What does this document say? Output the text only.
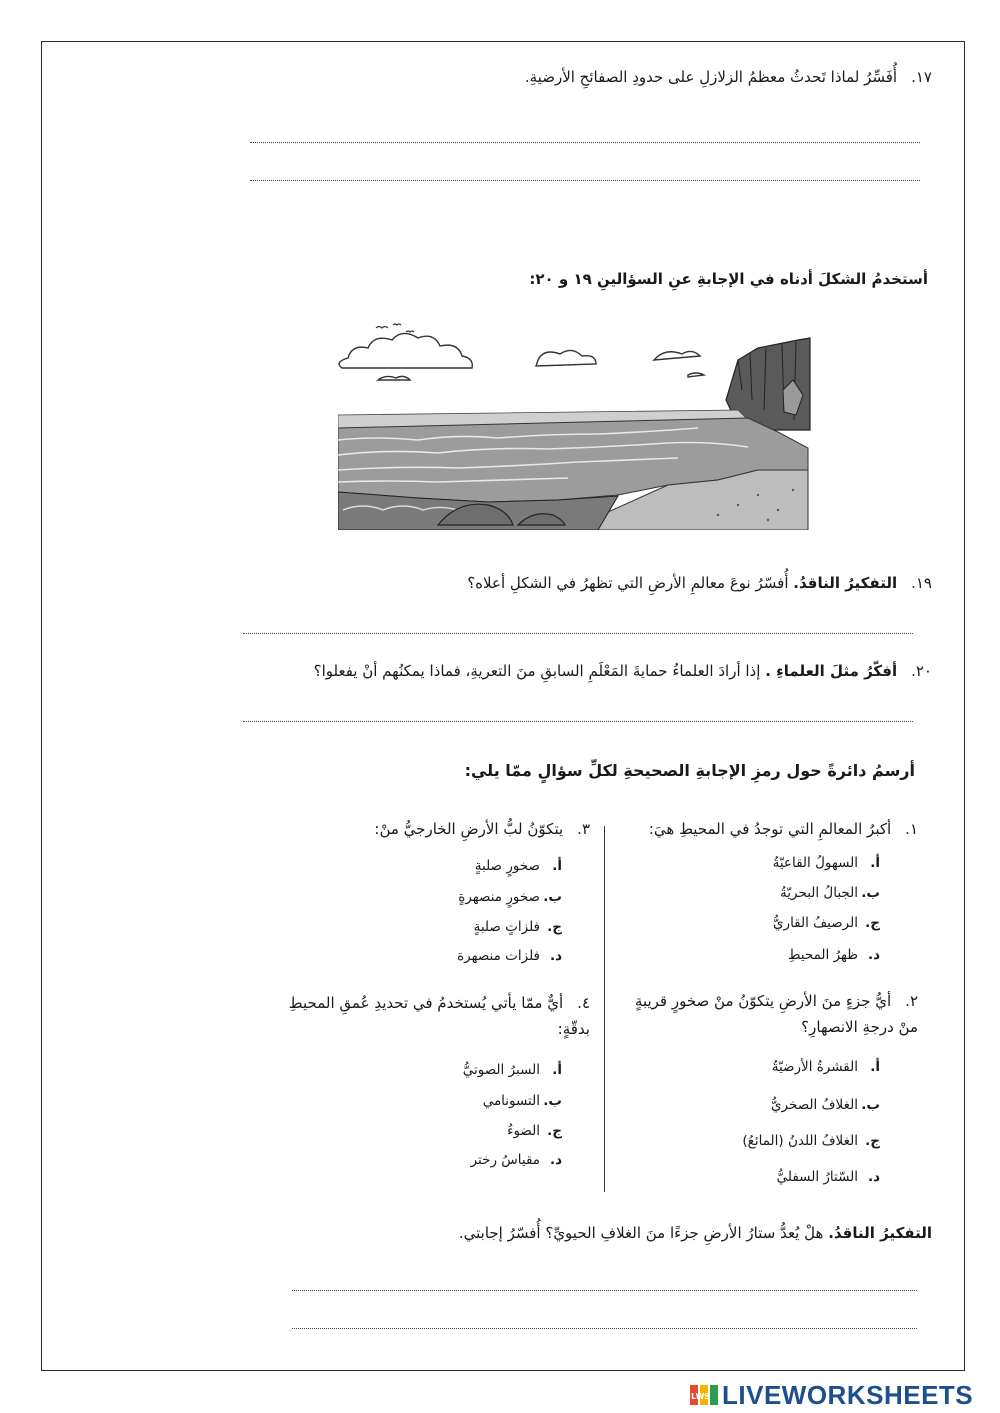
١٧.أُفَسِّرُ لماذا تَحدثُ معظمُ الزلازلِ على حدودِ الصفائحِ الأرضيةِ.
أستخدمُ الشكلَ أدناه في الإجابةِ عنِ السؤالينِ ١٩ و ٢٠:
١٩.التفكيرُ الناقدُ. أُفسّرُ نوعَ معالمِ الأرضِ التي تظهرُ في الشكلِ أعلاه؟
٢٠.أفكّرُ مثلَ العلماءِ . إذا أرادَ العلماءُ حمايةَ المَعْلَمِ السابقِ منَ التعريةِ، فماذا يمكنُهم أنْ يفعلوا؟
أرسمُ دائرةً حول رمزِ الإجابةِ الصحيحةِ لكلِّ سؤالٍ ممّا يلي:
١.أكبرُ المعالمِ التي توجدُ في المحيطِ هيَ:
أ.السهولُ القاعيّةُ
ب.الجبالُ البحريّةُ
ج.الرصيفُ القاريُّ
د.ظهرُ المحيطِ
٢.أيُّ جزءٍ منَ الأرضِ يتكوّنُ منْ صخورٍ قريبةٍ منْ درجةِ الانصهارِ؟
أ.القشرةُ الأرضيّةُ
ب.الغلافُ الصخريُّ
ج.الغلافُ اللدنُ (المائعُ)
د.السّتارُ السفليُّ
٣.يتكوّنُ لبُّ الأرضِ الخارجيُّ منْ:
أ.صخورٍ صلبةٍ
ب.صخورٍ منصهرةٍ
ج.فلزاتٍ صلبةٍ
د.فلزات منصهرة
٤.أيٌّ ممّا يأتي يُستخدمُ في تحديدِ عُمقِ المحيطِ بدقّةٍ:
أ.السبرُ الصوتيُّ
ب.التسونامي
ج.الضوءُ
د.مقياسُ رختر
التفكيرُ الناقدُ. هلْ يُعدُّ ستارُ الأرضِ جزءًا منَ الغلافِ الحيويِّ؟ أُفسّرُ إجابتي.
LWS LIVEWORKSHEETS
